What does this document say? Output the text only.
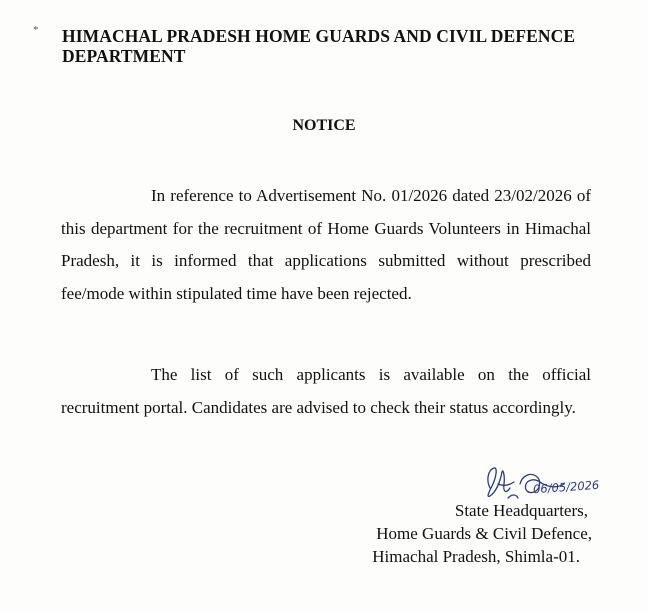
* HIMACHAL PRADESH HOME GUARDS AND CIVIL DEFENCE DEPARTMENT
NOTICE

In reference to Advertisement No. 01/2026 dated 23/02/2026 of this department for the recruitment of Home Guards Volunteers in Himachal Pradesh, it is informed that applications submitted without prescribed fee/mode within stipulated time have been rejected.

The list of such applicants is available on the official recruitment portal. Candidates are advised to check their status accordingly.

06/05/2026
State Headquarters,
Home Guards & Civil Defence,
Himachal Pradesh, Shimla-01.
